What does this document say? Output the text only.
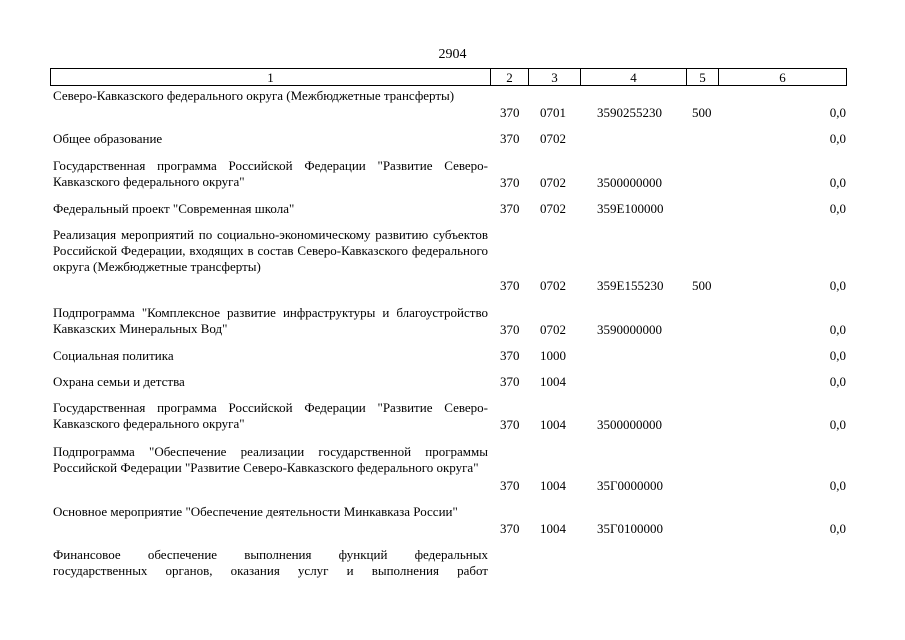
2904
1	2	3	4	5	6
Северо-Кавказского федерального округа (Межбюджетные трансферты)
370 0701 3590255230 500	0,0
Общее образование	370 0702	0,0
Государственная программа Российской Федерации "Развитие Северо-Кавказского федерального округа"	370 0702 3500000000	0,0
Федеральный проект "Современная школа"	370 0702 359Е100000	0,0
Реализация мероприятий по социально-экономическому развитию субъектов Российской Федерации, входящих в состав Северо-Кавказского федерального округа (Межбюджетные трансферты)
370 0702 359Е155230 500	0,0
Подпрограмма "Комплексное развитие инфраструктуры и благоустройство Кавказских Минеральных Вод"	370 0702 3590000000	0,0
Социальная политика	370 1000	0,0
Охрана семьи и детства	370 1004	0,0
Государственная программа Российской Федерации "Развитие Северо-Кавказского федерального округа"	370 1004 3500000000	0,0
Подпрограмма "Обеспечение реализации государственной программы Российской Федерации "Развитие Северо-Кавказского федерального округа"
370 1004 35Г0000000	0,0
Основное мероприятие "Обеспечение деятельности Минкавказа России"
370 1004 35Г0100000	0,0
Финансовое обеспечение выполнения функций федеральных государственных органов, оказания услуг и выполнения работ
